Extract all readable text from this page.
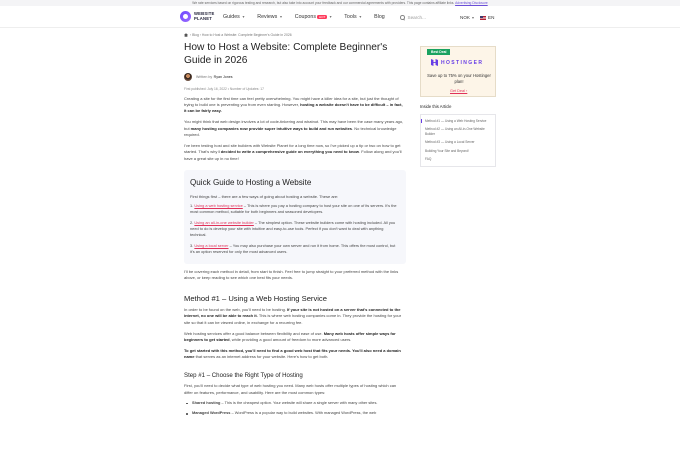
We rate services based on rigorous testing and research, but also take into account your feedback and our commercial agreements with providers. This page contains affiliate links. Advertising Disclosure
WEBSITE
PLANET	Guides ▼ Reviews ▼ Coupons	HOT	▼ Tools ▼ Blog	Search...	NOK ▼	EN
› Blog › How to Host a Website: Complete Beginner's Guide in 2026
How to Host a Website: Complete Beginner's Guide in 2026
Written by Ryan Jones
First published: July 16, 2022 • Number of Updates: 17

Creating a site for the first time can feel pretty overwhelming. You might have a killer idea for a site, but just the thought of trying to build one is preventing you from even starting. However, hosting a website doesn't have to be difficult – in fact, it can be fairly easy.

You might think that web design involves a lot of code-tinkering and whatnot. This may have been the case many years ago, but many hosting companies now provide super intuitive ways to build and run websites. No technical knowledge required.

I've been testing host and site builders with Website Planet for a long time now, so I've picked up a tip or two on how to get started. That's why I decided to write a comprehensive guide on everything you need to know. Follow along and you'll have a great site up in no time!

Quick Guide to Hosting a Website
First things first – there are a few ways of going about hosting a website. These are:
1. Using a web hosting service – This is where you pay a hosting company to host your site on one of its servers. It's the most common method, suitable for both beginners and seasoned developers.
2. Using an all-in-one website builder – The simplest option. These website builders come with hosting included. All you need to do is develop your site with intuitive and easy-to-use tools. Perfect if you don't want to deal with anything technical.
3. Using a local server – You may also purchase your own server and run it from home. This offers the most control, but it's an option reserved for only the most advanced users.

I'll be covering each method in detail, from start to finish. Feel free to jump straight to your preferred method with the links above, or keep reading to see which one best fits your needs.

Method #1 – Using a Web Hosting Service

In order to be found on the web, you'll need to be hosting. If your site is not hosted on a server that's connected to the internet, no one will be able to reach it. This is where web hosting companies come in. They provide the hosting for your site so that it can be viewed online, in exchange for a recurring fee.

Web hosting services offer a good balance between flexibility and ease of use. Many web hosts offer simple ways for beginners to get started, while providing a good amount of freedom to more advanced users.

To get started with this method, you'll need to find a good web host that fits your needs. You'll also need a domain name that serves as an internet address for your website. Here's how to get both.

Step #1 – Choose the Right Type of Hosting

First, you'll need to decide what type of web hosting you need. Many web hosts offer multiple types of hosting which can differ on features, performance, and usability. Here are the most common types:

Shared hosting – This is the cheapest option. Your website will share a single server with many other sites.
Managed WordPress – WordPress is a popular way to build websites. With managed WordPress, the web
Best Deal
HOSTINGER
Save up to 75% on your Hostinger plan!
Get Deal ›
Inside this Article
Method #1 — Using a Web Hosting Service
Method #2 — Using an All-in-One Website Builder
Method #3 — Using a Local Server
Building Your Site and Beyond!
FAQ
